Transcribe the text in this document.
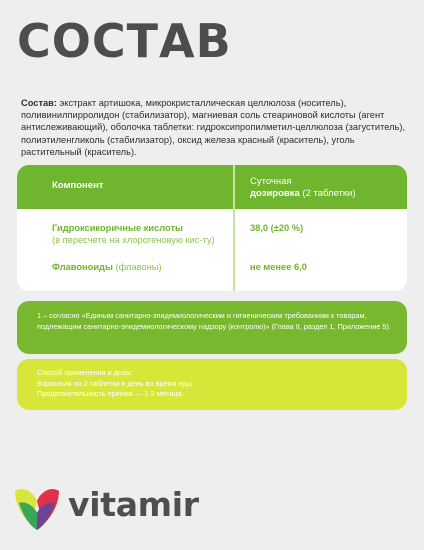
СОСТАВ
Состав: экстракт артишока, микрокристаллическая целлюлоза (носитель), поливинилпирролидон (стабилизатор), магниевая соль стеариновой кислоты (агент антислеживающий), оболочка таблетки: гидроксипропилметил-целлюлоза (загуститель), полиэтиленгликоль (стабилизатор), оксид железа красный (краситель), уголь растительный (краситель).
Компонент	Суточная
дозировка (2 таблетки)
Гидроксикоричные кислоты
(в пересчете на хлорогеновую кис-ту)
38,0 (±20 %)
Флавоноиды (флавоны)	не менее 6,0
1 – согласно «Единым санитарно-эпидемиологическим и гигиеническим требованиям к товарам, подлежащим санитарно-эпидемиологическому надзору (контролю)» (Глава II, раздел 1, Приложение 5).
Способ применения и дозы:
Взрослым по 2 таблетки в день во время еды.
Продолжительность приема — 1-2 месяца.
vitamir
